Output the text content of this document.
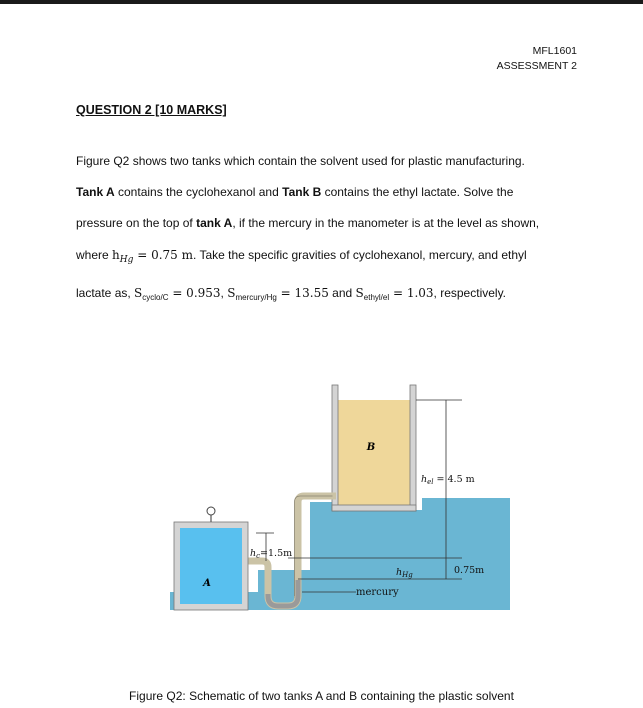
MFL1601
ASSESSMENT 2
QUESTION 2 [10 MARKS]
Figure Q2 shows two tanks which contain the solvent used for plastic manufacturing.
Tank A contains the cyclohexanol and Tank B contains the ethyl lactate. Solve the
pressure on the top of tank A, if the mercury in the manometer is at the level as shown,
where $h_{Hg} = 0.75$ m. Take the specific gravities of cyclohexanol, mercury, and ethyl
lactate as, $S_{cyclo/C} = 0.953$, $S_{mercury/Hg} = 13.55$ and $S_{ethyl/el} = 1.03$, respectively.
B
A
$h_{el} = 4.5$ m
$h_{Hg}$	0.75m
$h_c=1.5m$
mercury
Figure Q2: Schematic of two tanks A and B containing the plastic solvent
